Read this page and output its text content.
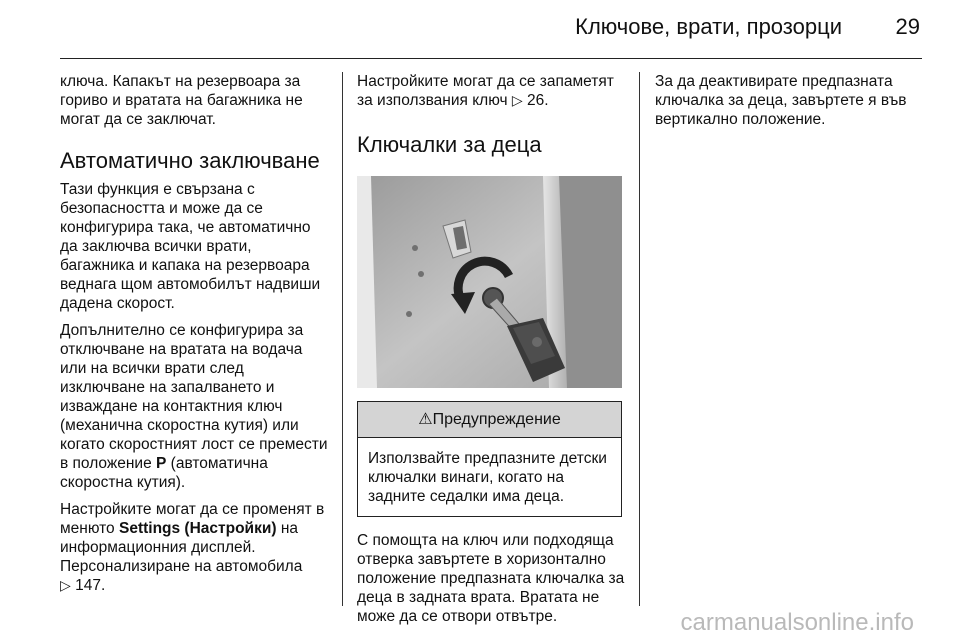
Ключове, врати, прозорци 29

ключа. Капакът на резервоара за гориво и вратата на багажника не могат да се заключат.

Автоматично заключване

Тази функция е свързана с безопасността и може да се конфигурира така, че автоматично да заключва всички врати, багажника и капака на резервоара веднага щом автомобилът надвиши дадена скорост.

Допълнително се конфигурира за отключване на вратата на водача или на всички врати след изключване на запалването и изваждане на контактния ключ (механична скоростна кутия) или когато скоростният лост се премести в положение P (автоматична скоростна кутия).

Настройките могат да се променят в менюто Settings (Настройки) на информационния дисплей. Персонализиране на автомобила
▷ 147.

Настройките могат да се запаметят за използвания ключ ▷ 26.

Ключалки за деца
⚠Предупреждение
Използвайте предпазните детски ключалки винаги, когато на задните седалки има деца.

С помощта на ключ или подходяща отверка завъртете в хоризонтално положение предпазната ключалка за деца в задната врата. Вратата не може да се отвори отвътре.

За да деактивирате предпазната ключалка за деца, завъртете я във вертикално положение.

carmanualsonline.info
